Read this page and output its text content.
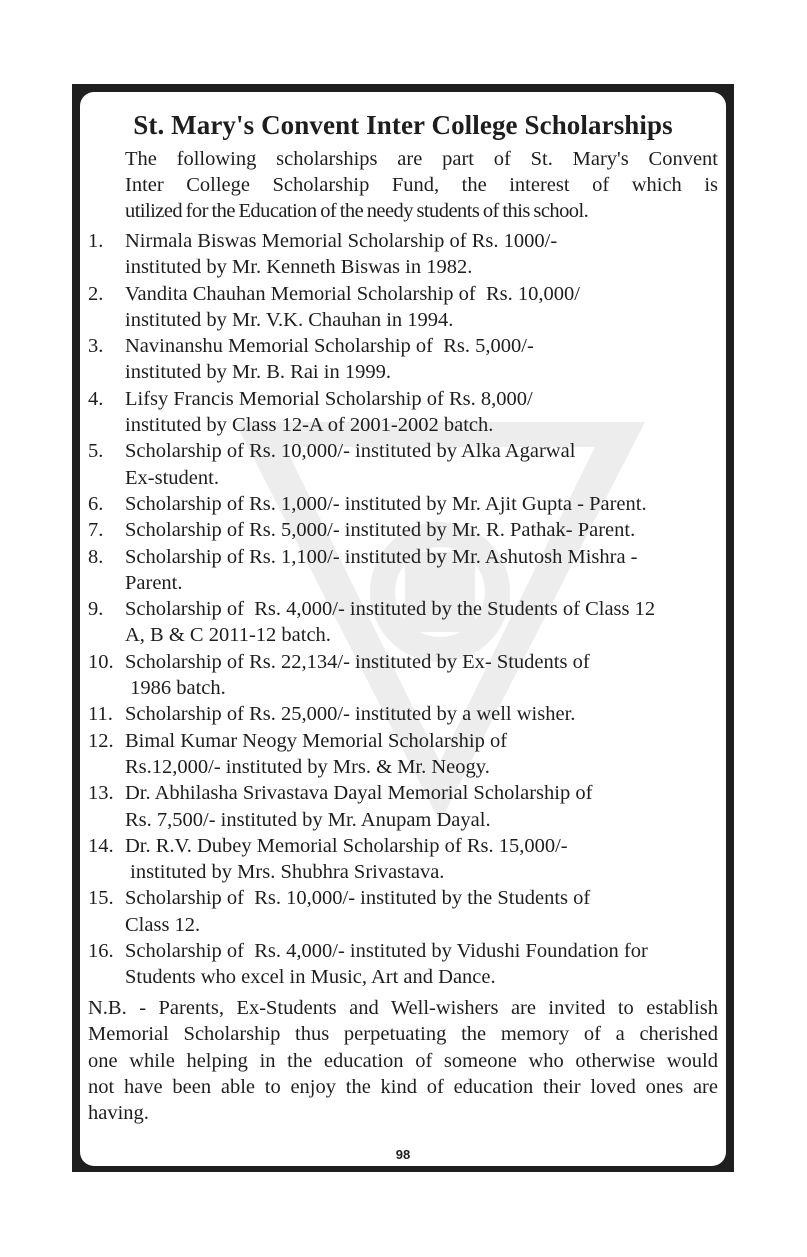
St. Mary's Convent Inter College Scholarships
The following scholarships are part of St. Mary's Convent
Inter College Scholarship Fund, the interest of which is
utilized for the Education of the needy students of this school.
1. Nirmala Biswas Memorial Scholarship of Rs. 1000/-
instituted by Mr. Kenneth Biswas in 1982.
2. Vandita Chauhan Memorial Scholarship of  Rs. 10,000/
instituted by Mr. V.K. Chauhan in 1994.
3. Navinanshu Memorial Scholarship of  Rs. 5,000/-
instituted by Mr. B. Rai in 1999.
4. Lifsy Francis Memorial Scholarship of Rs. 8,000/
instituted by Class 12-A of 2001-2002 batch.
5. Scholarship of Rs. 10,000/- instituted by Alka Agarwal
Ex-student.
6. Scholarship of Rs. 1,000/- instituted by Mr. Ajit Gupta - Parent.
7. Scholarship of Rs. 5,000/- instituted by Mr. R. Pathak- Parent.
8. Scholarship of Rs. 1,100/- instituted by Mr. Ashutosh Mishra -
Parent.
9. Scholarship of  Rs. 4,000/- instituted by the Students of Class 12
A, B & C 2011-12 batch.
10. Scholarship of Rs. 22,134/- instituted by Ex- Students of
1986 batch.
11. Scholarship of Rs. 25,000/- instituted by a well wisher.
12. Bimal Kumar Neogy Memorial Scholarship of
Rs.12,000/- instituted by Mrs. & Mr. Neogy.
13. Dr. Abhilasha Srivastava Dayal Memorial Scholarship of
Rs. 7,500/- instituted by Mr. Anupam Dayal.
14. Dr. R.V. Dubey Memorial Scholarship of Rs. 15,000/-
instituted by Mrs. Shubhra Srivastava.
15. Scholarship of  Rs. 10,000/- instituted by the Students of
Class 12.
16. Scholarship of  Rs. 4,000/- instituted by Vidushi Foundation for
Students who excel in Music, Art and Dance.
N.B. - Parents, Ex-Students and Well-wishers are invited to establish
Memorial Scholarship thus perpetuating the memory of a cherished
one while helping in the education of someone who otherwise would
not have been able to enjoy the kind of education their loved ones are
having.
98
